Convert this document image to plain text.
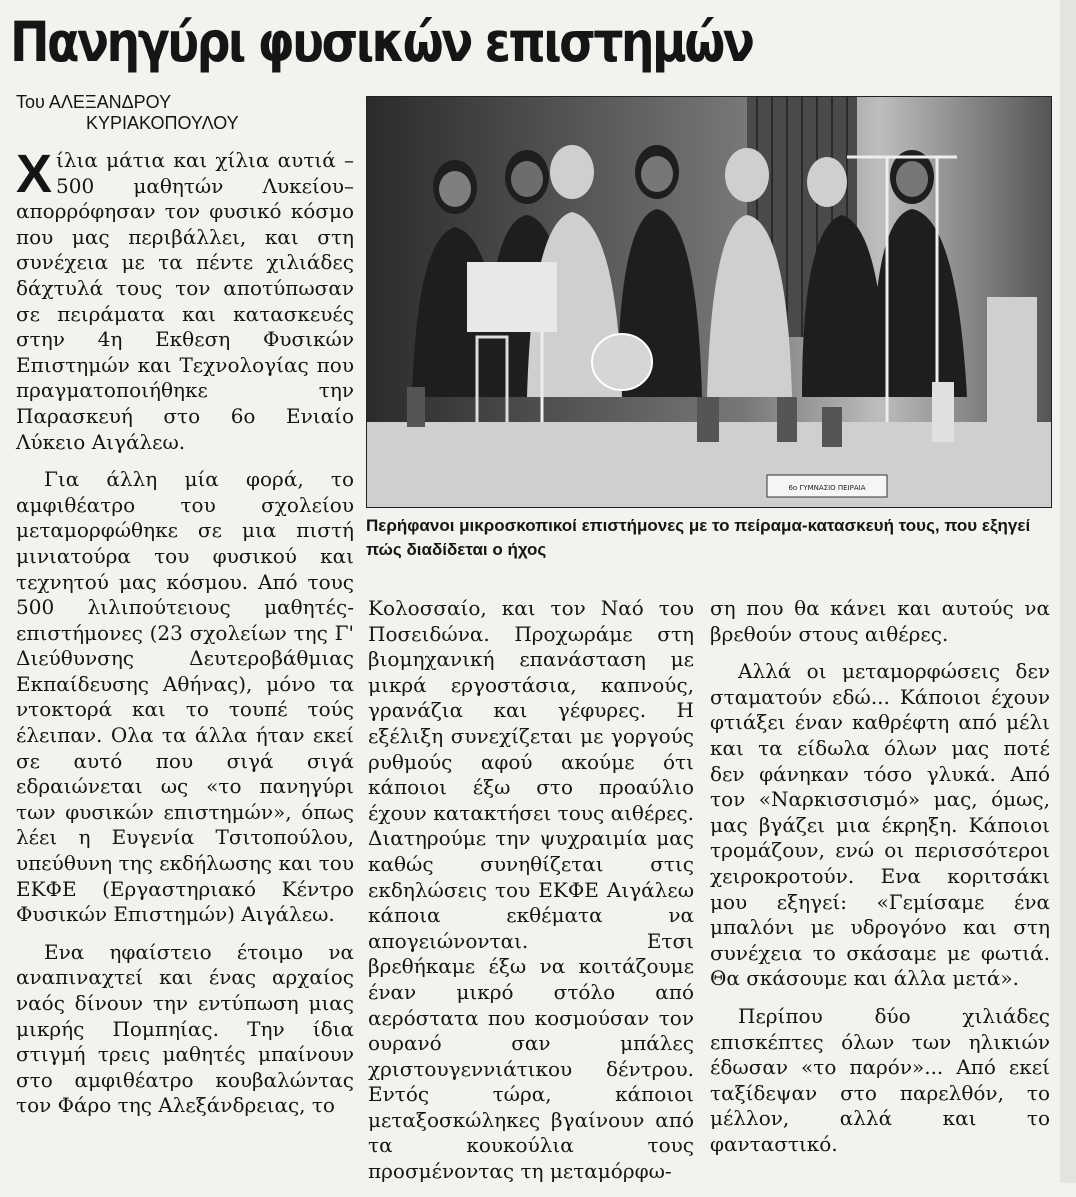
Πανηγύρι φυσικών επιστημών
Του ΑΛΕΞΑΝΔΡΟΥ
ΚΥΡΙΑΚΟΠΟΥΛΟΥ
6ο ΓΥΜΝΑΣΙΟ ΠΕΙΡΑΙΑ
Περήφανοι μικροσκοπικοί επιστήμονες με το πείραμα-κατασκευή τους, που εξηγεί πώς διαδίδεται ο ήχος

Χίλια μάτια και χίλια αυτιά –500 μαθητών Λυκείου– απορρόφησαν τον φυσικό κόσμο που μας περιβάλλει, και στη συνέχεια με τα πέντε χιλιάδες δάχτυλά τους τον αποτύπωσαν σε πειράματα και κατασκευές στην 4η Εκθεση Φυσικών Επιστημών και Τεχνολογίας που πραγματοποιήθηκε την Παρασκευή στο 6ο Ενιαίο Λύκειο Αιγάλεω.

Για άλλη μία φορά, το αμφιθέατρο του σχολείου μεταμορφώθηκε σε μια πιστή μινιατούρα του φυσικού και τεχνητού μας κόσμου. Από τους 500 λιλιπούτειους μαθητές-επιστήμονες (23 σχολείων της Γ' Διεύθυνσης Δευτεροβάθμιας Εκπαίδευσης Αθήνας), μόνο τα ντοκτορά και το τουπέ τούς έλειπαν. Ολα τα άλλα ήταν εκεί σε αυτό που σιγά σιγά εδραιώνεται ως «το πανηγύρι των φυσικών επιστημών», όπως λέει η Ευγενία Τσιτοπούλου, υπεύθυνη της εκδήλωσης και του ΕΚΦΕ (Εργαστηριακό Κέντρο Φυσικών Επιστημών) Αιγάλεω.

Ενα ηφαίστειο έτοιμο να αναπιναχτεί και ένας αρχαίος ναός δίνουν την εντύπωση μιας μικρής Πομπηίας. Την ίδια στιγμή τρεις μαθητές μπαίνουν στο αμφιθέατρο κουβαλώντας τον Φάρο της Αλεξάνδρειας, το

Κολοσσαίο, και τον Ναό του Ποσειδώνα. Προχωράμε στη βιομηχανική επανάσταση με μικρά εργοστάσια, καπνούς, γρανάζια και γέφυρες. Η εξέλιξη συνεχίζεται με γοργούς ρυθμούς αφού ακούμε ότι κάποιοι έξω στο προαύλιο έχουν κατακτήσει τους αιθέρες. Διατηρούμε την ψυχραιμία μας καθώς συνηθίζεται στις εκδηλώσεις του ΕΚΦΕ Αιγάλεω κάποια εκθέματα να απογειώνονται. Ετσι βρεθήκαμε έξω να κοιτάζουμε έναν μικρό στόλο από αερόστατα που κοσμούσαν τον ουρανό σαν μπάλες χριστουγεννιάτικου δέντρου. Εντός τώρα, κάποιοι μεταξοσκώληκες βγαίνουν από τα κουκούλια τους προσμένοντας τη μεταμόρφω-

ση που θα κάνει και αυτούς να βρεθούν στους αιθέρες.

Αλλά οι μεταμορφώσεις δεν σταματούν εδώ... Κάποιοι έχουν φτιάξει έναν καθρέφτη από μέλι και τα είδωλα όλων μας ποτέ δεν φάνηκαν τόσο γλυκά. Από τον «Ναρκισσισμό» μας, όμως, μας βγάζει μια έκρηξη. Κάποιοι τρομάζουν, ενώ οι περισσότεροι χειροκροτούν. Ενα κοριτσάκι μου εξηγεί: «Γεμίσαμε ένα μπαλόνι με υδρογόνο και στη συνέχεια το σκάσαμε με φωτιά. Θα σκάσουμε και άλλα μετά».

Περίπου δύο χιλιάδες επισκέπτες όλων των ηλικιών έδωσαν «το παρόν»... Από εκεί ταξίδεψαν στο παρελθόν, το μέλλον, αλλά και το φανταστικό.
